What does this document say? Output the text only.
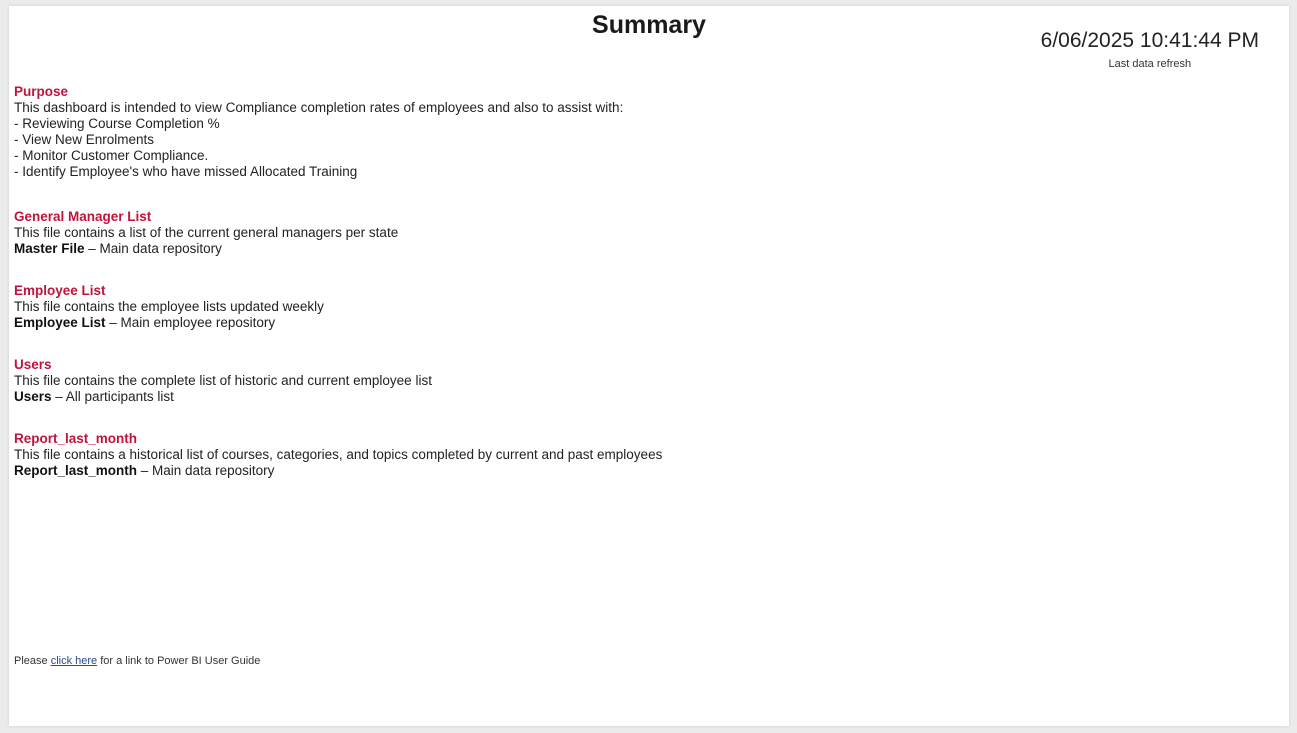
Summary
6/06/2025 10:41:44 PM
Last data refresh
Purpose
This dashboard is intended to view Compliance completion rates of employees and also to assist with:
- Reviewing Course Completion %
- View New Enrolments
- Monitor Customer Compliance.
- Identify Employee's who have missed Allocated Training
General Manager List
This file contains a list of the current general managers per state
Master File – Main data repository
Employee List
This file contains the employee lists updated weekly
Employee List – Main employee repository
Users
This file contains the complete list of historic and current employee list
Users – All participants list
Report_last_month
This file contains a historical list of courses, categories, and topics completed by current and past employees
Report_last_month – Main data repository
Please click here for a link to Power BI User Guide
